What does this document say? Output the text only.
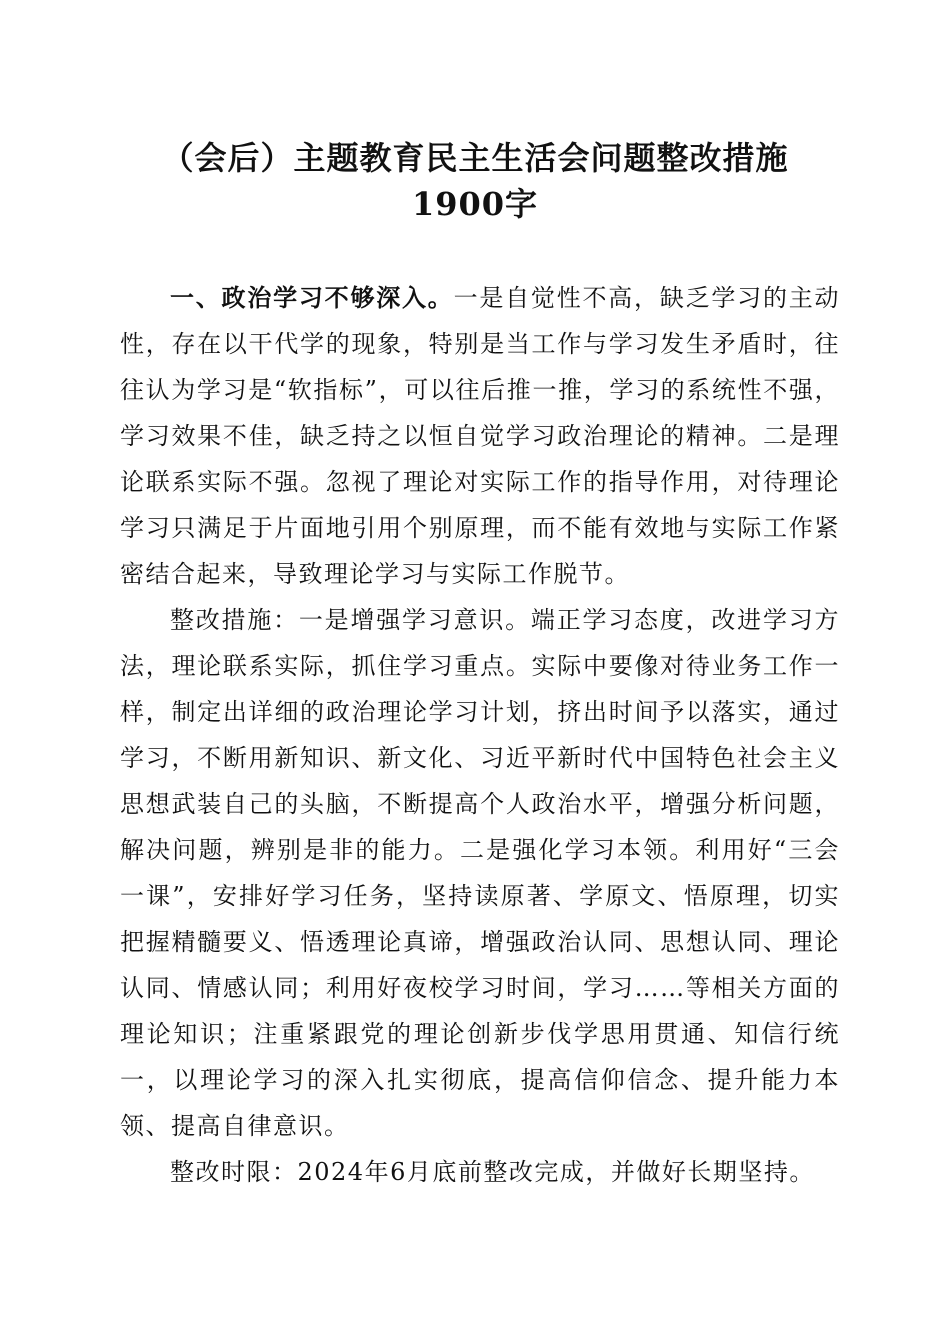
（会后）主题教育民主生活会问题整改措施
1900字

一、政治学习不够深入。一是自觉性不高，缺乏学习的主动性，存在以干代学的现象，特别是当工作与学习发生矛盾时，往往认为学习是“软指标”，可以往后推一推，学习的系统性不强，学习效果不佳，缺乏持之以恒自觉学习政治理论的精神。二是理论联系实际不强。忽视了理论对实际工作的指导作用，对待理论学习只满足于片面地引用个别原理，而不能有效地与实际工作紧密结合起来，导致理论学习与实际工作脱节。

整改措施：一是增强学习意识。端正学习态度，改进学习方法，理论联系实际，抓住学习重点。实际中要像对待业务工作一样，制定出详细的政治理论学习计划，挤出时间予以落实，通过学习，不断用新知识、新文化、习近平新时代中国特色社会主义思想武装自己的头脑，不断提高个人政治水平，增强分析问题，解决问题，辨别是非的能力。二是强化学习本领。利用好“三会一课”，安排好学习任务，坚持读原著、学原文、悟原理，切实把握精髓要义、悟透理论真谛，增强政治认同、思想认同、理论认同、情感认同；利用好夜校学习时间，学习……等相关方面的理论知识；注重紧跟党的理论创新步伐学思用贯通、知信行统一，以理论学习的深入扎实彻底，提高信仰信念、提升能力本领、提高自律意识。

整改时限：2024年6月底前整改完成，并做好长期坚持。
